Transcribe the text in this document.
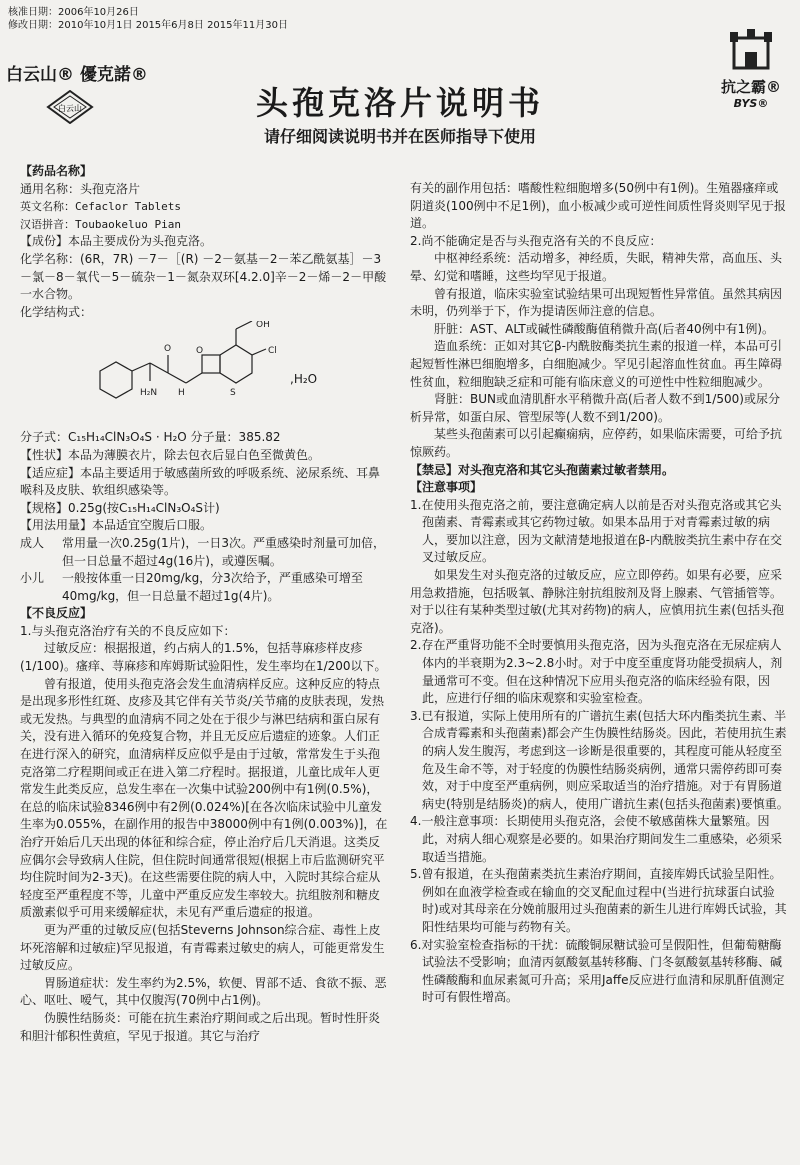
核准日期：2006年10月26日
修改日期：2010年10月1日 2015年6月8日 2015年11月30日
白云山® 優克諾®
白云山
抗之霸®
BYS®
头孢克洛片说明书
请仔细阅读说明书并在医师指导下使用

【药品名称】

通用名称：头孢克洛片

英文名称：Cefaclor Tablets

汉语拼音：Toubaokeluo Pian

【成份】本品主要成份为头孢克洛。

化学名称：(6R，7R) －7－［(R) －2－氨基－2－苯乙酰氨基］－3－氯－8－氧代－5－硫杂－1－氮杂双环[4.2.0]辛－2－烯－2－甲酸一水合物。

化学结构式：

H₂N
O
H
O
S
OH
Cl
,H₂O

分子式：C₁₅H₁₄ClN₃O₄S · H₂O 分子量：385.82

【性状】本品为薄膜衣片，除去包衣后显白色至微黄色。

【适应症】本品主要适用于敏感菌所致的呼吸系统、泌尿系统、耳鼻喉科及皮肤、软组织感染等。

【规格】0.25g(按C₁₅H₁₄ClN₃O₄S计)

【用法用量】本品适宜空腹后口服。

成人	常用量一次0.25g(1片)，一日3次。严重感染时剂量可加倍，但一日总量不超过4g(16片)，或遵医嘱。
小儿	一般按体重一日20mg/kg，分3次给予，严重感染可增至40mg/kg，但一日总量不超过1g(4片)。

【不良反应】

1.与头孢克洛治疗有关的不良反应如下：

过敏反应：根据报道，约占病人的1.5%，包括荨麻疹样皮疹(1/100)。瘙痒、荨麻疹和库姆斯试验阳性，发生率均在1/200以下。

曾有报道，使用头孢克洛会发生血清病样反应。这种反应的特点是出现多形性红斑、皮疹及其它伴有关节炎/关节痛的皮肤表现，发热或无发热。与典型的血清病不同之处在于很少与淋巴结病和蛋白尿有关，没有进入循环的免疫复合物，并且无反应后遗症的迹象。人们正在进行深入的研究，血清病样反应似乎是由于过敏，常常发生于头孢克洛第二疗程期间或正在进入第二疗程时。据报道，儿童比成年人更常发生此类反应，总发生率在一次集中试验200例中有1例(0.5%)，在总的临床试验8346例中有2例(0.024%)[在各次临床试验中儿童发生率为0.055%，在副作用的报告中38000例中有1例(0.003%)]，在治疗开始后几天出现的体征和综合症，停止治疗后几天消退。这类反应偶尔会导致病人住院，但住院时间通常很短(根据上市后监测研究平均住院时间为2-3天)。在这些需要住院的病人中，入院时其综合症从轻度至严重程度不等，儿童中严重反应发生率较大。抗组胺剂和糖皮质激素似乎可用来缓解症状，未见有严重后遗症的报道。

更为严重的过敏反应(包括Steverns Johnson综合症、毒性上皮坏死溶解和过敏症)罕见报道，有青霉素过敏史的病人，可能更常发生过敏反应。

胃肠道症状：发生率约为2.5%，软便、胃部不适、食欲不振、恶心、呕吐、嗳气，其中仅腹泻(70例中占1例)。

伪膜性结肠炎：可能在抗生素治疗期间或之后出现。暂时性肝炎和胆汁郁积性黄疸，罕见于报道。其它与治疗

有关的副作用包括：嗜酸性粒细胞增多(50例中有1例)。生殖器瘙痒或阴道炎(100例中不足1例)，血小板减少或可逆性间质性肾炎则罕见于报道。

2.尚不能确定是否与头孢克洛有关的不良反应：

中枢神经系统：活动增多，神经质，失眠，精神失常，高血压、头晕、幻觉和嗜睡，这些均罕见于报道。

曾有报道，临床实验室试验结果可出现短暂性异常值。虽然其病因未明，仍列举于下，作为提请医师注意的信息。

肝脏：AST、ALT或碱性磷酸酶值稍微升高(后者40例中有1例)。

造血系统：正如对其它β-内酰胺酶类抗生素的报道一样，本品可引起短暂性淋巴细胞增多，白细胞减少。罕见引起溶血性贫血。再生障碍性贫血，粒细胞缺乏症和可能有临床意义的可逆性中性粒细胞减少。

肾脏：BUN或血清肌酐水平稍微升高(后者人数不到1/500)或尿分析异常，如蛋白尿、管型尿等(人数不到1/200)。

某些头孢菌素可以引起癫痫病，应停药，如果临床需要，可给予抗惊厥药。

【禁忌】对头孢克洛和其它头孢菌素过敏者禁用。

【注意事项】

1.在使用头孢克洛之前，要注意确定病人以前是否对头孢克洛或其它头孢菌素、青霉素或其它药物过敏。如果本品用于对青霉素过敏的病人，要加以注意，因为文献清楚地报道在β-内酰胺类抗生素中存在交叉过敏反应。

如果发生对头孢克洛的过敏反应，应立即停药。如果有必要，应采用急救措施，包括吸氧、静脉注射抗组胺剂及肾上腺素、气管插管等。对于以往有某种类型过敏(尤其对药物)的病人，应慎用抗生素(包括头孢克洛)。

2.存在严重肾功能不全时要慎用头孢克洛，因为头孢克洛在无尿症病人体内的半衰期为2.3~2.8小时。对于中度至重度肾功能受损病人，剂量通常可不变。但在这种情况下应用头孢克洛的临床经验有限，因此，应进行仔细的临床观察和实验室检查。

3.已有报道，实际上使用所有的广谱抗生素(包括大环内酯类抗生素、半合成青霉素和头孢菌素)都会产生伪膜性结肠炎。因此，若使用抗生素的病人发生腹泻，考虑到这一诊断是很重要的，其程度可能从轻度至危及生命不等，对于轻度的伪膜性结肠炎病例，通常只需停药即可奏效，对于中度至严重病例，则应采取适当的治疗措施。对于有胃肠道病史(特别是结肠炎)的病人，使用广谱抗生素(包括头孢菌素)要慎重。

4.一般注意事项：长期使用头孢克洛，会使不敏感菌株大量繁殖。因此，对病人细心观察是必要的。如果治疗期间发生二重感染，必须采取适当措施。

5.曾有报道，在头孢菌素类抗生素治疗期间，直接库姆氏试验呈阳性。例如在血液学检查或在输血的交叉配血过程中(当进行抗球蛋白试验时)或对其母亲在分娩前服用过头孢菌素的新生儿进行库姆氏试验，其阳性结果均可能与药物有关。

6.对实验室检查指标的干扰：硫酸铜尿糖试验可呈假阳性，但葡萄糖酶试验法不受影响；血清丙氨酸氨基转移酶、门冬氨酸氨基转移酶、碱性磷酸酶和血尿素氮可升高；采用Jaffe反应进行血清和尿肌酐值测定时可有假性增高。
